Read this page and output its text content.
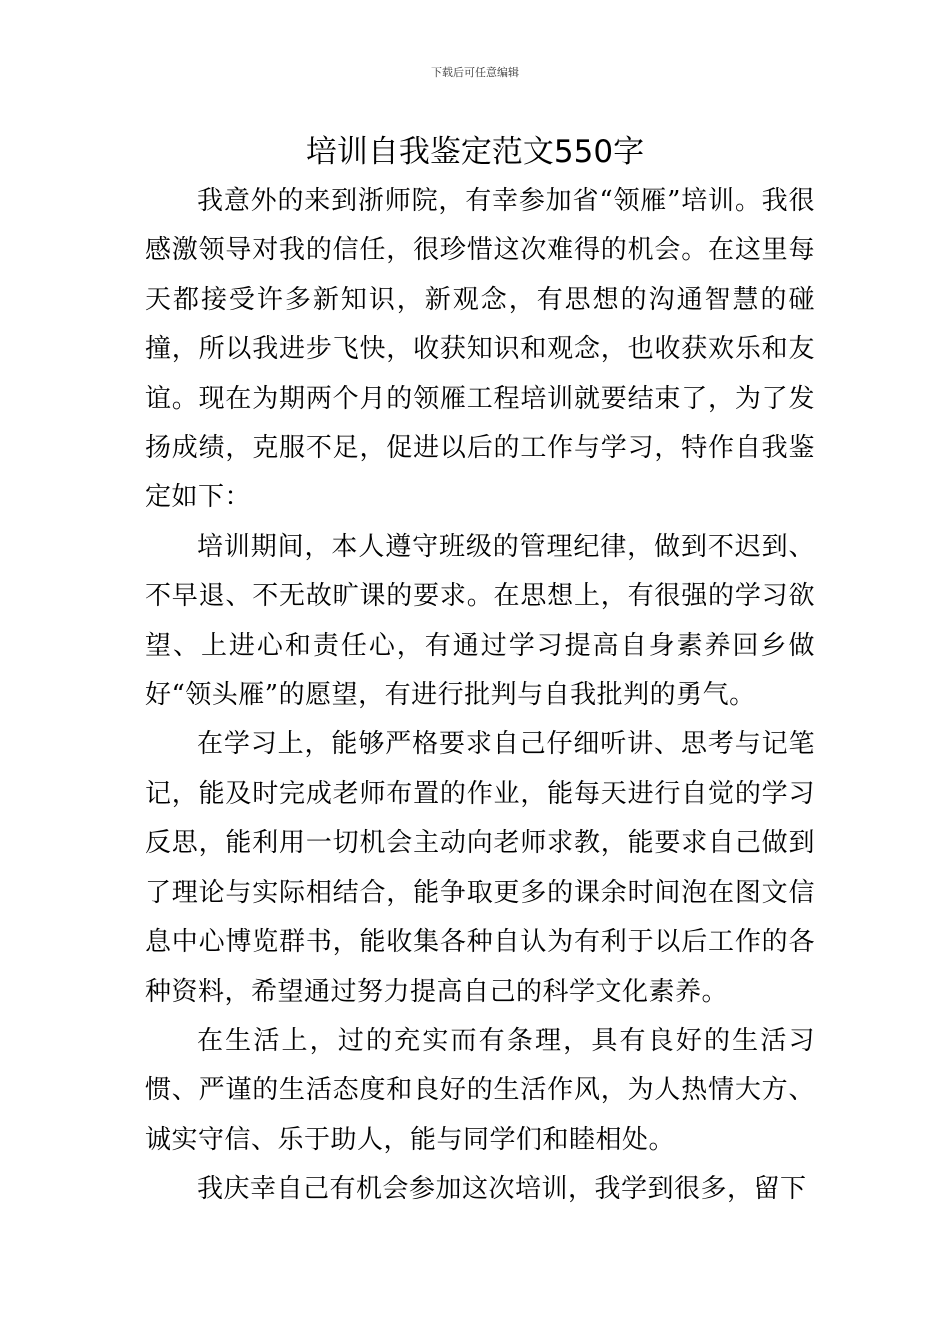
下载后可任意编辑
培训自我鉴定范文550字

我意外的来到浙师院，有幸参加省“领雁”培训。我很感激领导对我的信任，很珍惜这次难得的机会。在这里每天都接受许多新知识，新观念，有思想的沟通智慧的碰撞，所以我进步飞快，收获知识和观念，也收获欢乐和友谊。现在为期两个月的领雁工程培训就要结束了，为了发扬成绩，克服不足，促进以后的工作与学习，特作自我鉴定如下：

培训期间，本人遵守班级的管理纪律，做到不迟到、不早退、不无故旷课的要求。在思想上，有很强的学习欲望、上进心和责任心，有通过学习提高自身素养回乡做好“领头雁”的愿望，有进行批判与自我批判的勇气。

在学习上，能够严格要求自己仔细听讲、思考与记笔记，能及时完成老师布置的作业，能每天进行自觉的学习反思，能利用一切机会主动向老师求教，能要求自己做到了理论与实际相结合，能争取更多的课余时间泡在图文信息中心博览群书，能收集各种自认为有利于以后工作的各种资料，希望通过努力提高自己的科学文化素养。

在生活上，过的充实而有条理，具有良好的生活习惯、严谨的生活态度和良好的生活作风，为人热情大方、诚实守信、乐于助人，能与同学们和睦相处。

我庆幸自己有机会参加这次培训，我学到很多，留下
